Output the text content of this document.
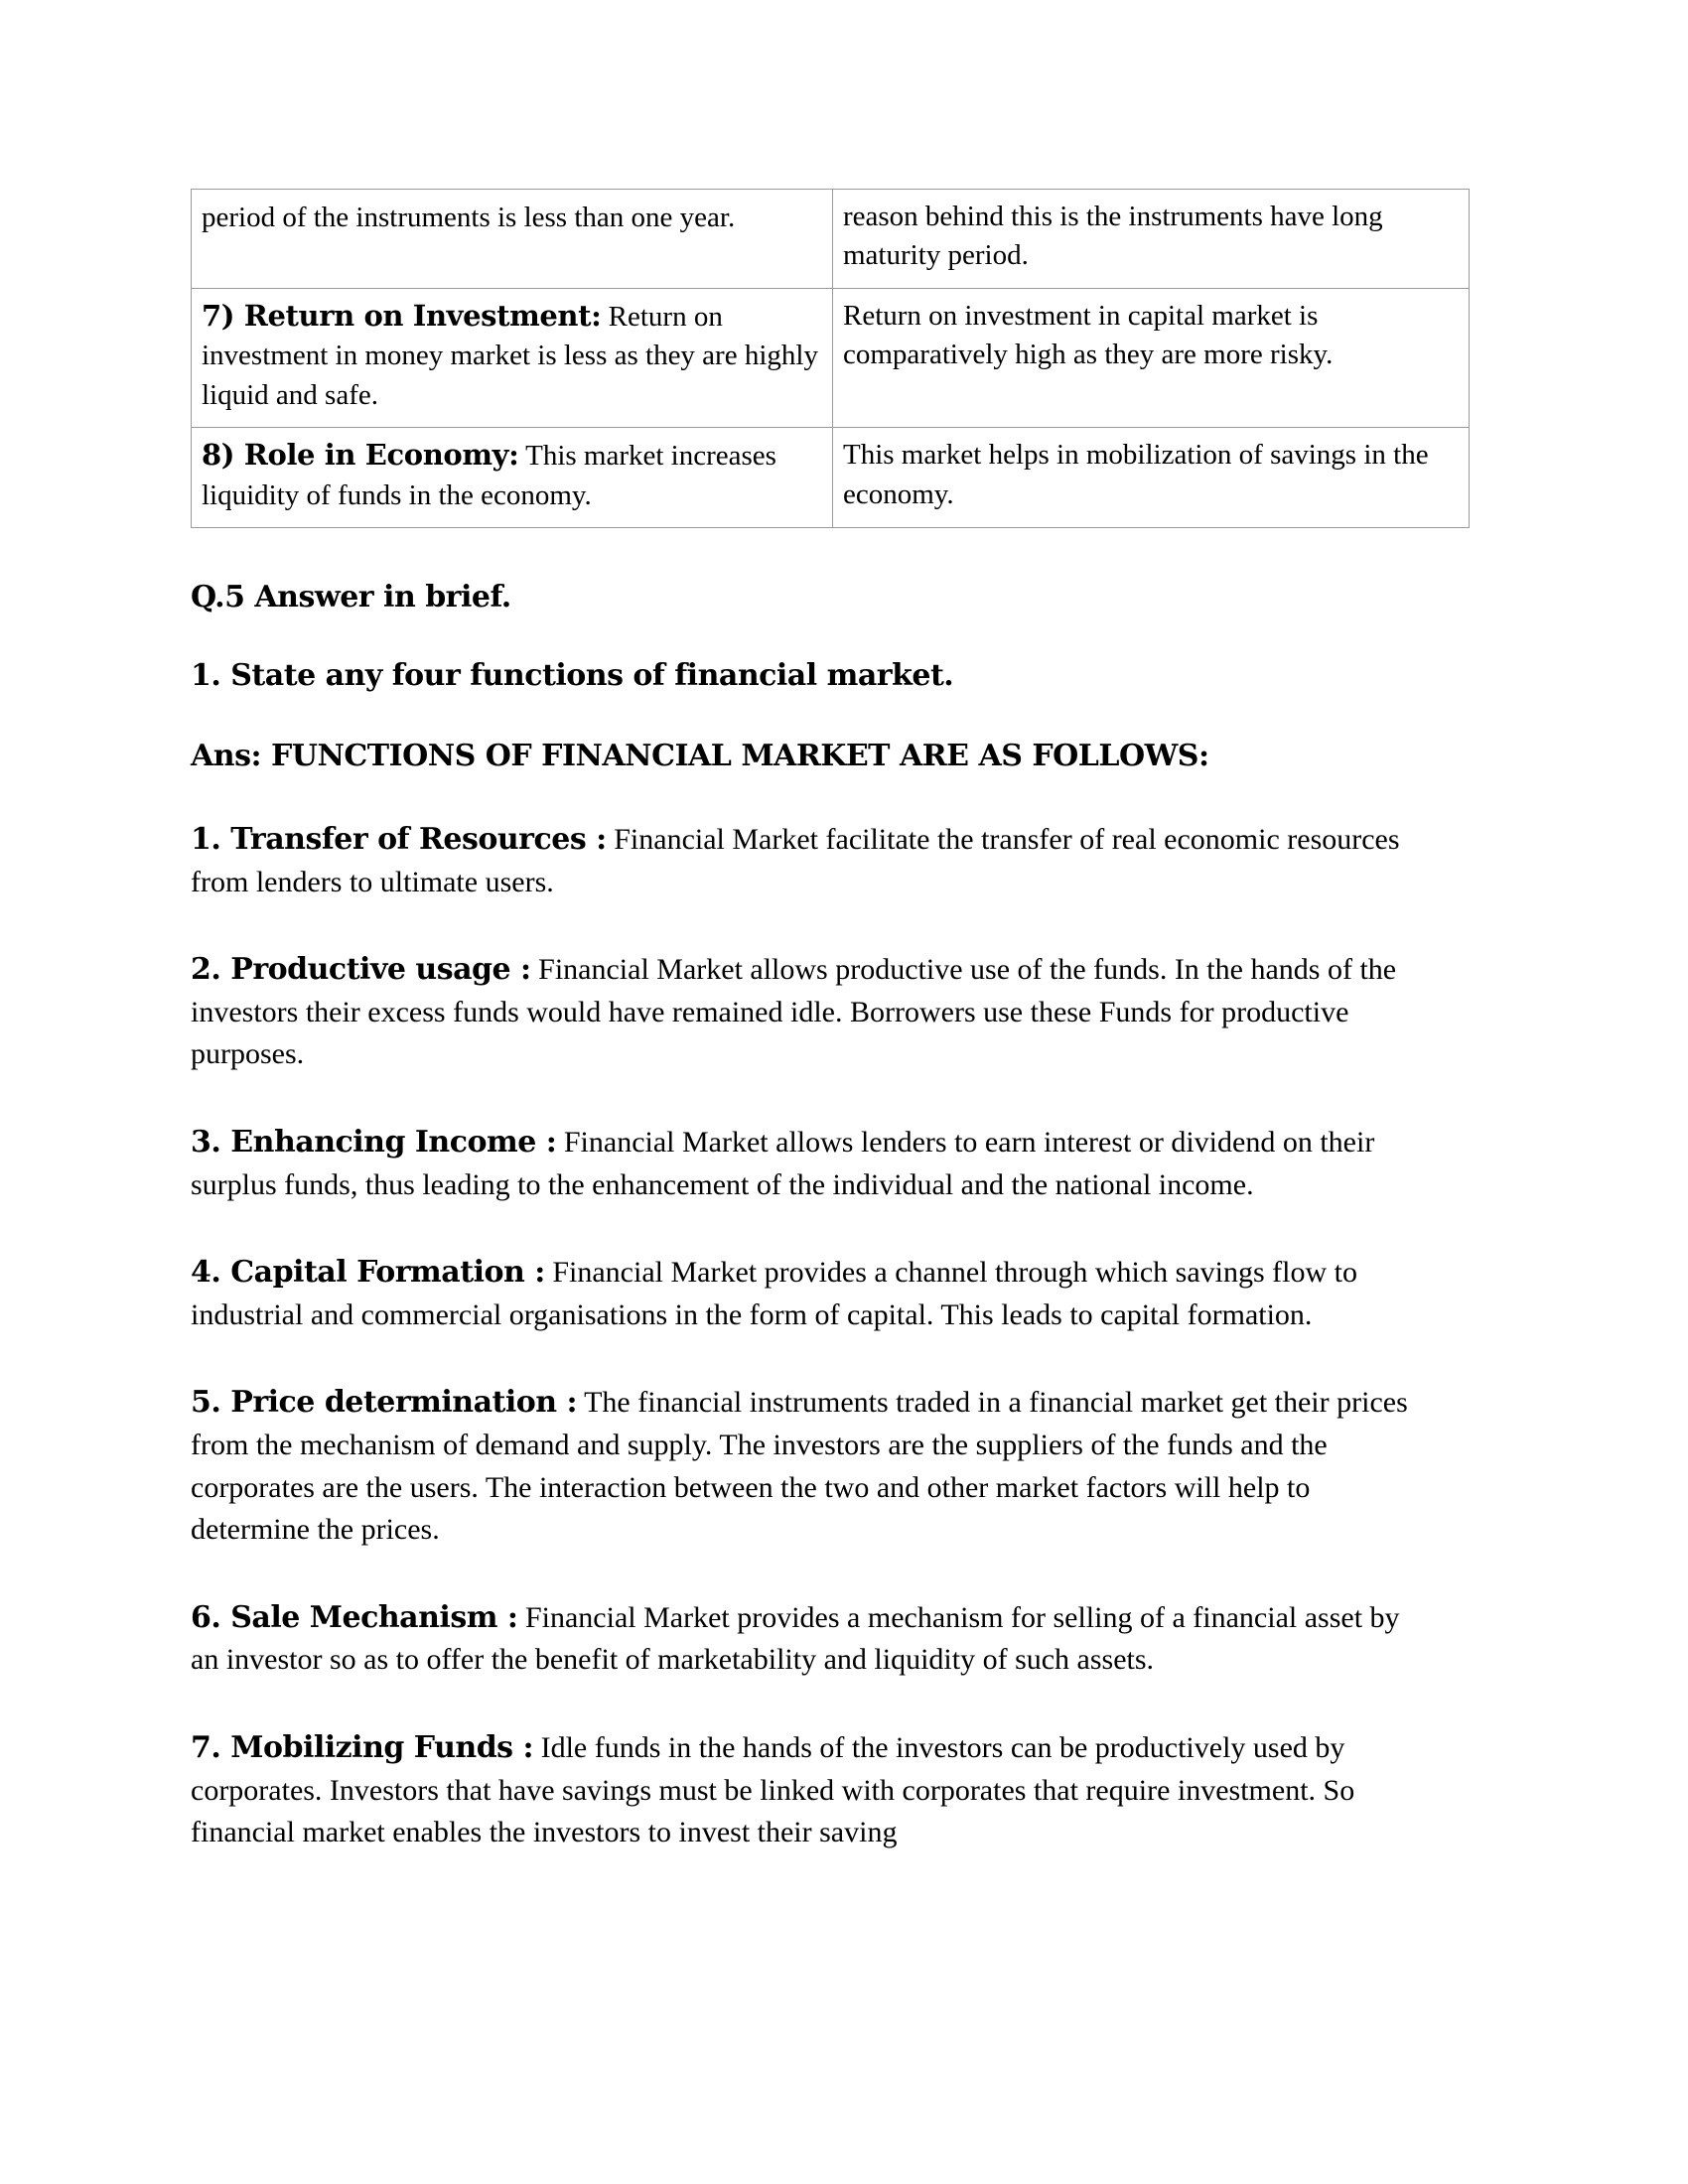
period of the instruments is less than one year.	reason behind this is the instruments have long maturity period.

7) Return on Investment: Return on investment in money market is less as they are highly liquid and safe.	Return on investment in capital market is comparatively high as they are more risky.

8) Role in Economy: This market increases liquidity of funds in the economy.	This market helps in mobilization of savings in the economy.

Q.5 Answer in brief.

1. State any four functions of financial market.

Ans: FUNCTIONS OF FINANCIAL MARKET ARE AS FOLLOWS:

1. Transfer of Resources : Financial Market facilitate the transfer of real economic resources from lenders to ultimate users.

2. Productive usage : Financial Market allows productive use of the funds. In the hands of the investors their excess funds would have remained idle. Borrowers use these Funds for productive purposes.

3. Enhancing Income : Financial Market allows lenders to earn interest or dividend on their surplus funds, thus leading to the enhancement of the individual and the national income.

4. Capital Formation : Financial Market provides a channel through which savings flow to industrial and commercial organisations in the form of capital. This leads to capital formation.

5. Price determination : The financial instruments traded in a financial market get their prices from the mechanism of demand and supply. The investors are the suppliers of the funds and the corporates are the users. The interaction between the two and other market factors will help to determine the prices.

6. Sale Mechanism : Financial Market provides a mechanism for selling of a financial asset by an investor so as to offer the benefit of marketability and liquidity of such assets.

7. Mobilizing Funds : Idle funds in the hands of the investors can be productively used by corporates. Investors that have savings must be linked with corporates that require investment. So financial market enables the investors to invest their saving
